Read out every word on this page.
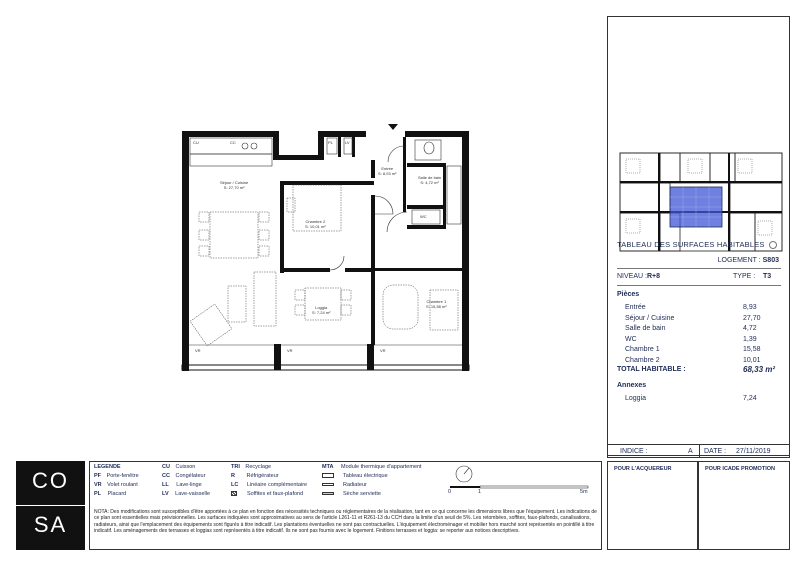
Séjour / Cuisine
S: 27,70 m²
Chambre 2
S: 10,01 m²
Entrée
S: 8,93 m²
Salle de bain
S: 4,72 m²
Loggia
S: 7,24 m²
Chambre 1
S: 15,58 m²
CU	CC	PL	LV
WC
VR	VR	VR
TABLEAU DES SURFACES HABITABLES
LOGEMENT : S803
NIVEAU : R+8	TYPE : T3
Pièces
Entrée	8,93
Séjour / Cuisine	27,70
Salle de bain	4,72
WC	1,39
Chambre 1	15,58
Chambre 2	10,01
TOTAL HABITABLE :	68,33 m²
Annexes
Loggia	7,24
INDICE :	A DATE : 27/11/2019
CO
SA
LEGENDE
PF Porte-fenêtre
VR Volet roulant
PL Placard
CU Cuisson
CC Congélateur
LL Lave-linge
LV Lave-vaisselle
TRI Recyclage
R Réfrigérateur
LC Linéaire complémentaire
Soffites et faux-plafond
MTA Module thermique d'appartement
Tableau électrique
Radiateur
Sèche serviette	0	1	5m
NOTA: Des modifications sont susceptibles d'être apportées à ce plan en fonction des nécessités techniques ou réglementaires de la réalisation, tant en ce qui concerne les dimensions libres que l'équipement. Les indications de ce plan sont essentielles mais prévisionnelles. Les surfaces indiquées sont approximatives au sens de l'article L261-11 et R261-13 du CCH dans la limite d'un seuil de 5%. Les retombées, soffites, faux-plafonds, canalisations, radiateurs, ainsi que l'emplacement des équipements sont figurés à titre indicatif. Les plantations éventuelles ne sont pas contractuelles. L'équipement électroménager et mobilier hors marché sont représentés en pointillé à titre indicatif. Les aménagements des terrasses et loggias sont représentés à titre indicatif. Ils ne sont pas fournis avec le logement. Finitions terrasses et loggia: se reporter aux notices descriptives.
POUR L'ACQUEREUR	POUR ICADE PROMOTION
